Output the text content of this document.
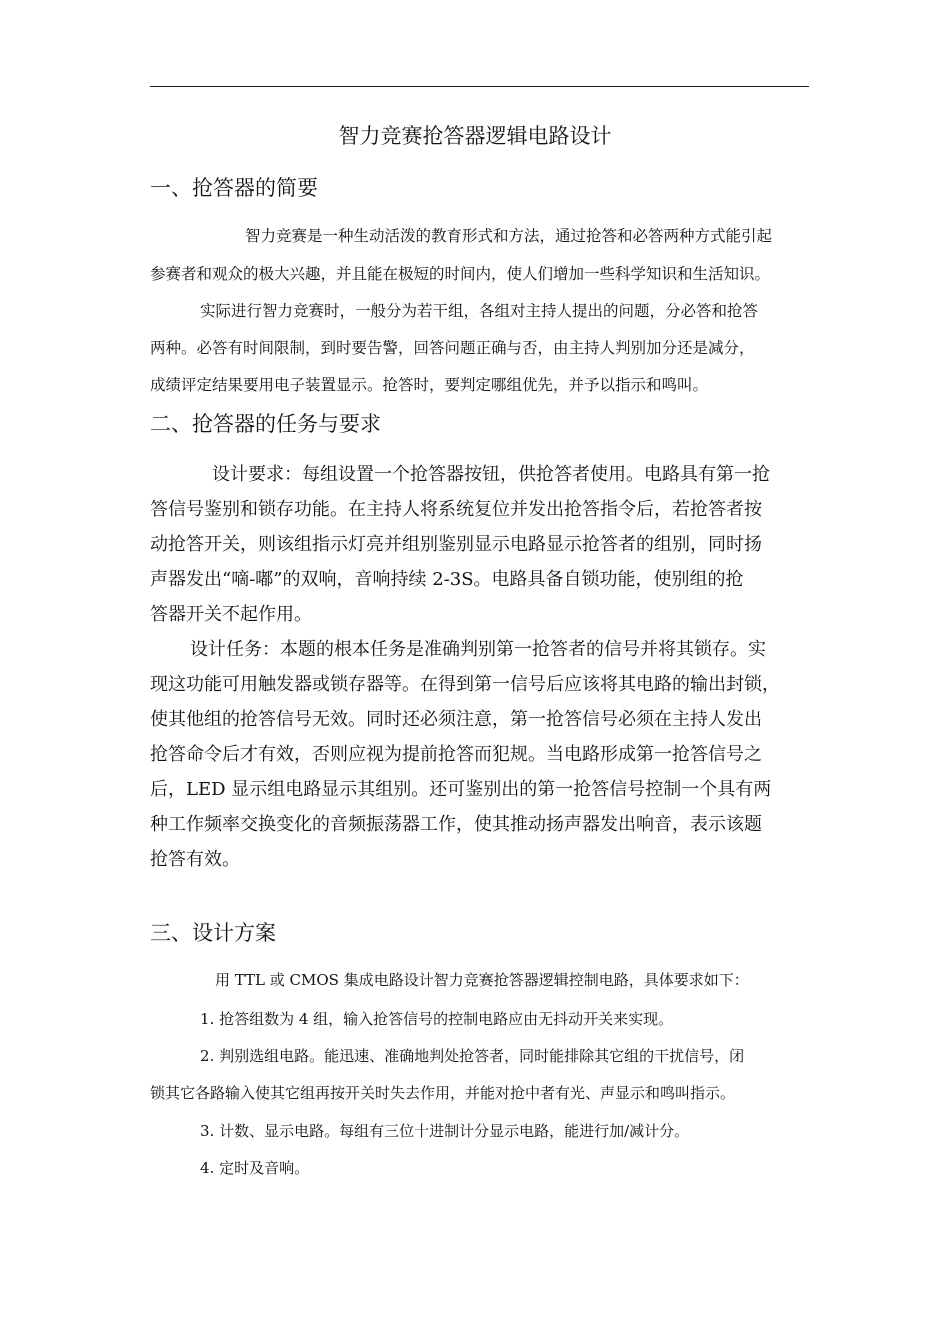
智力竞赛抢答器逻辑电路设计
一、抢答器的简要
智力竞赛是一种生动活泼的教育形式和方法，通过抢答和必答两种方式能引起
参赛者和观众的极大兴趣，并且能在极短的时间内，使人们增加一些科学知识和生活知识。
实际进行智力竞赛时，一般分为若干组，各组对主持人提出的问题，分必答和抢答
两种。必答有时间限制，到时要告警，回答问题正确与否，由主持人判别加分还是减分，
成绩评定结果要用电子装置显示。抢答时，要判定哪组优先，并予以指示和鸣叫。
二、抢答器的任务与要求
设计要求：每组设置一个抢答器按钮，供抢答者使用。电路具有第一抢
答信号鉴别和锁存功能。在主持人将系统复位并发出抢答指令后，若抢答者按
动抢答开关，则该组指示灯亮并组别鉴别显示电路显示抢答者的组别，同时扬
声器发出“嘀-嘟”的双响，音响持续 2-3S。电路具备自锁功能，使别组的抢
答器开关不起作用。
设计任务：本题的根本任务是准确判别第一抢答者的信号并将其锁存。实
现这功能可用触发器或锁存器等。在得到第一信号后应该将其电路的输出封锁，
使其他组的抢答信号无效。同时还必须注意，第一抢答信号必须在主持人发出
抢答命令后才有效，否则应视为提前抢答而犯规。当电路形成第一抢答信号之
后，LED 显示组电路显示其组别。还可鉴别出的第一抢答信号控制一个具有两
种工作频率交换变化的音频振荡器工作，使其推动扬声器发出响音，表示该题
抢答有效。
三、设计方案
用 TTL 或 CMOS 集成电路设计智力竞赛抢答器逻辑控制电路，具体要求如下：
1. 抢答组数为 4 组，输入抢答信号的控制电路应由无抖动开关来实现。
2. 判别选组电路。能迅速、准确地判处抢答者，同时能排除其它组的干扰信号，闭
锁其它各路输入使其它组再按开关时失去作用，并能对抢中者有光、声显示和鸣叫指示。
3. 计数、显示电路。每组有三位十进制计分显示电路，能进行加/减计分。
4. 定时及音响。
